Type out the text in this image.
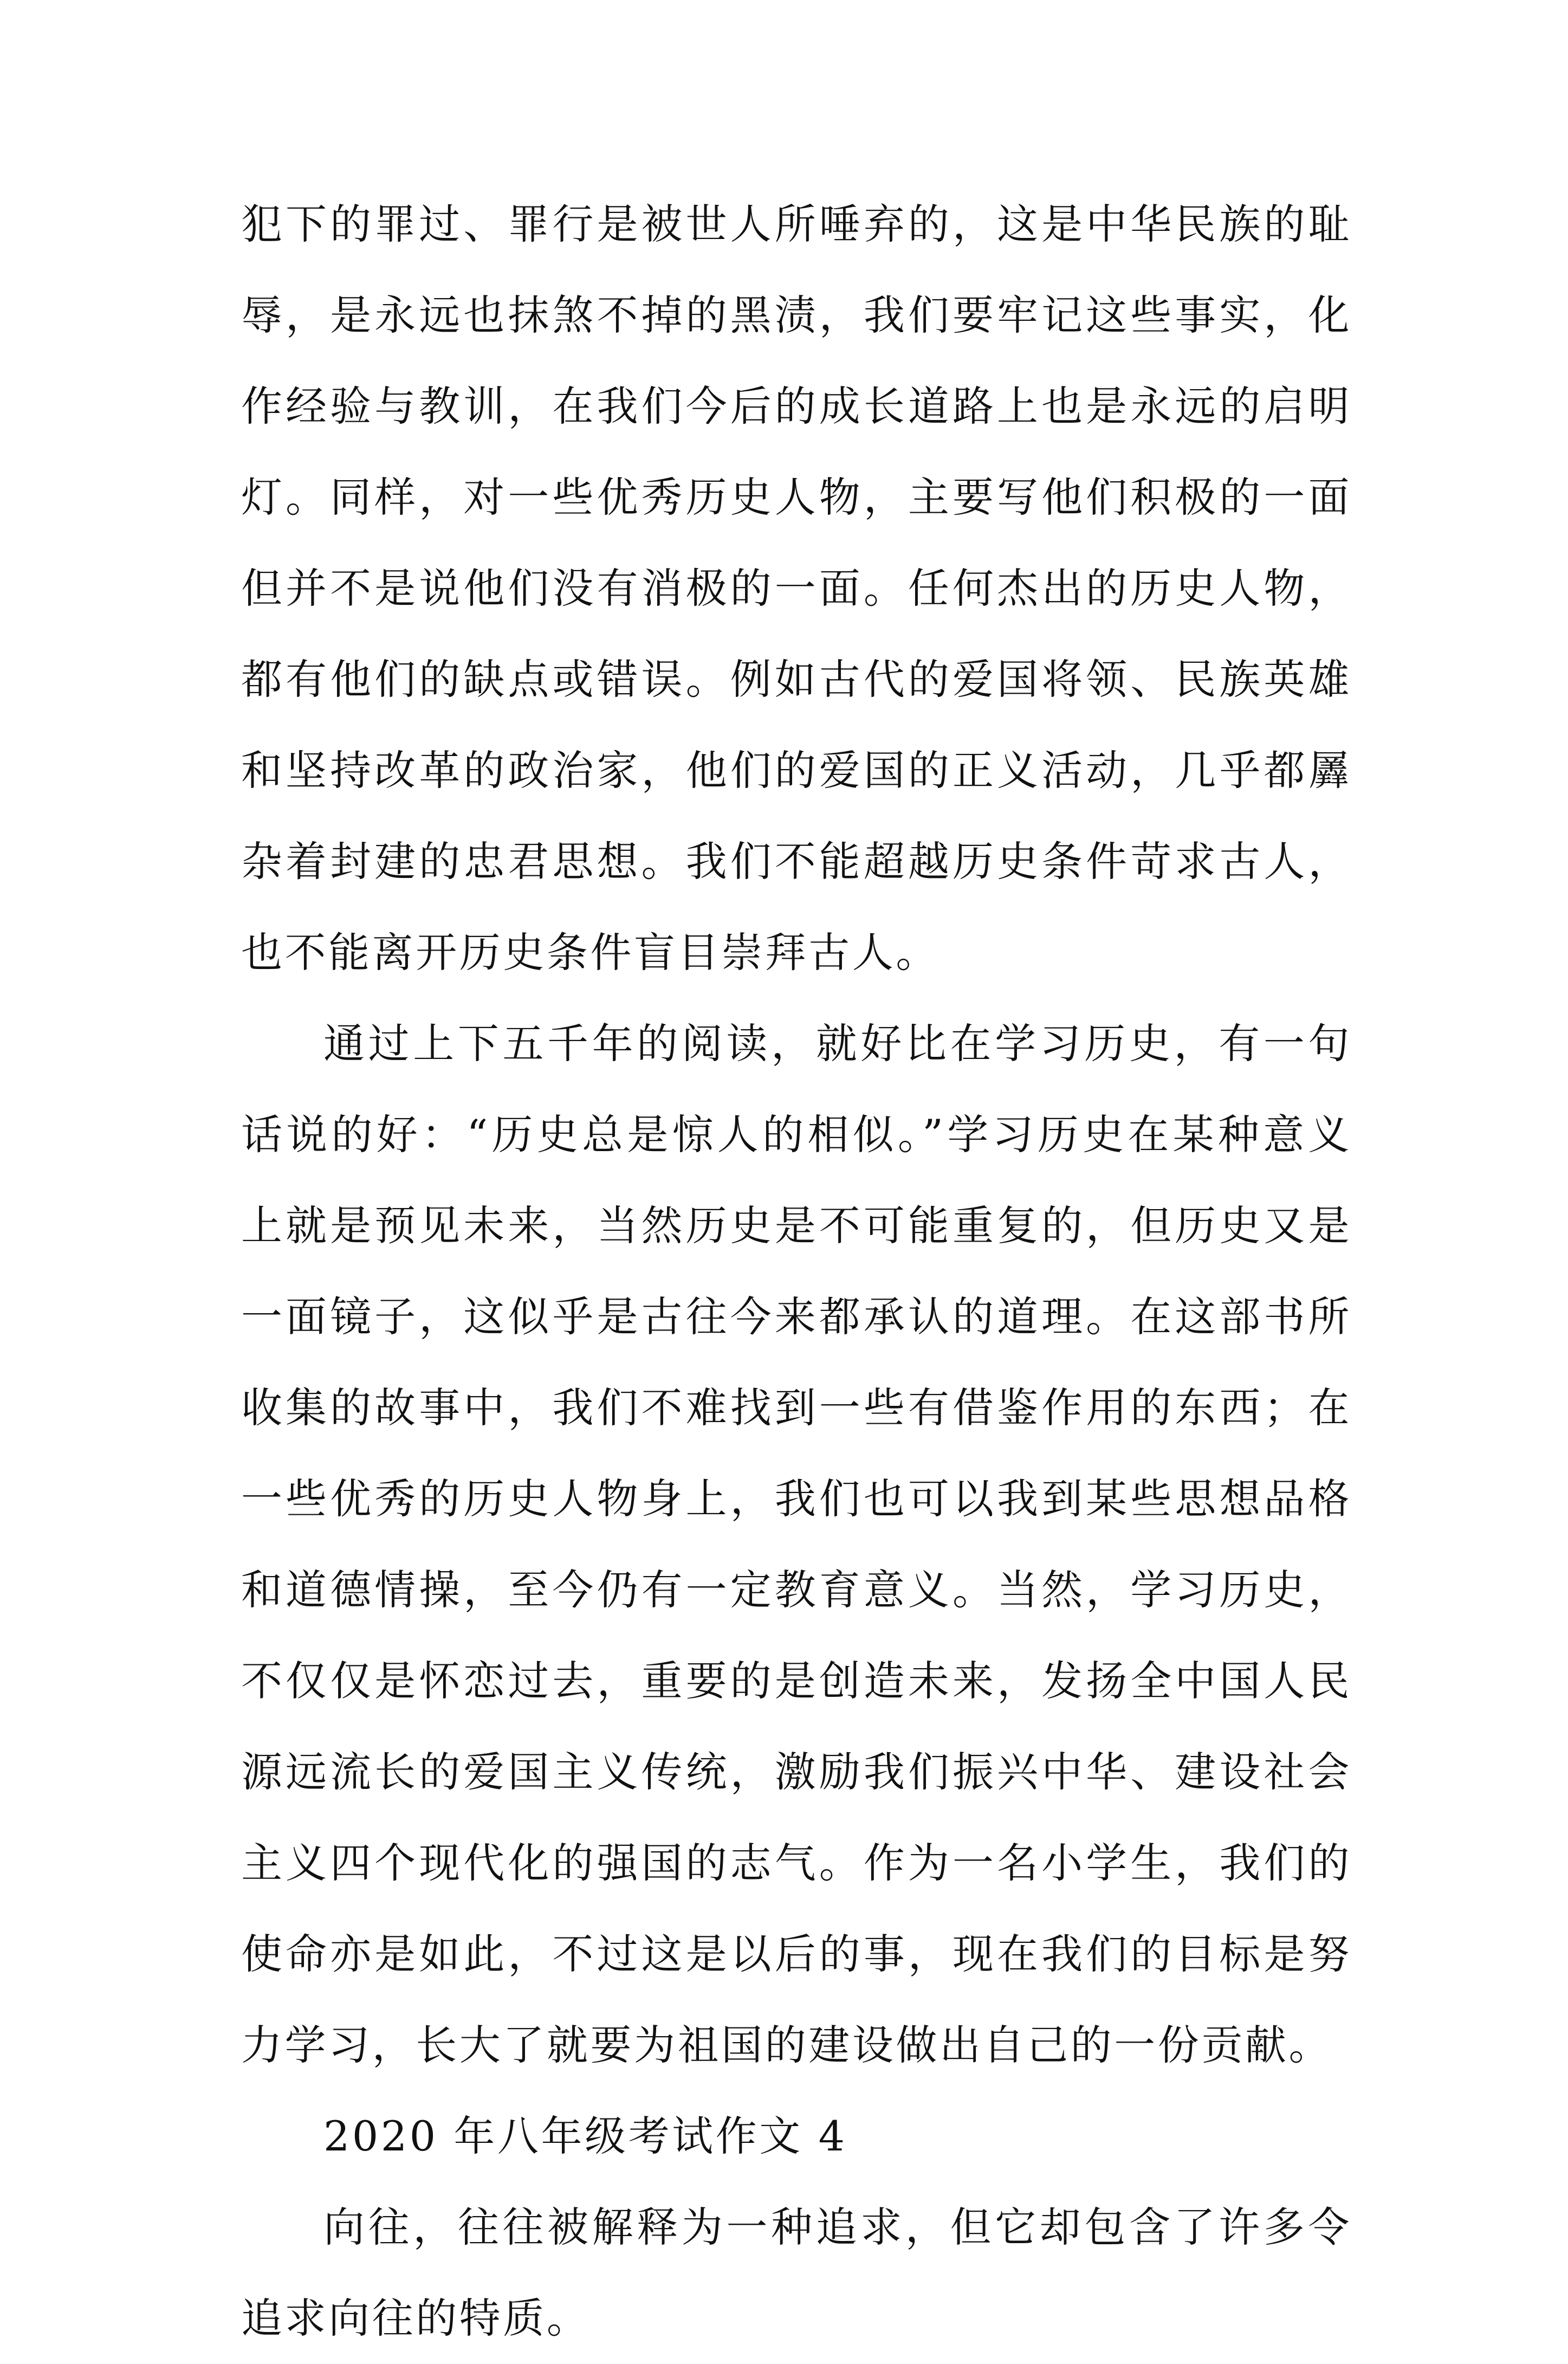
犯下的罪过、罪行是被世人所唾弃的，这是中华民族的耻辱，是永远也抹煞不掉的黑渍，我们要牢记这些事实，化作经验与教训，在我们今后的成长道路上也是永远的启明灯。同样，对一些优秀历史人物，主要写他们积极的一面但并不是说他们没有消极的一面。任何杰出的历史人物，都有他们的缺点或错误。例如古代的爱国将领、民族英雄和坚持改革的政治家，他们的爱国的正义活动，几乎都羼杂着封建的忠君思想。我们不能超越历史条件苛求古人，也不能离开历史条件盲目崇拜古人。

通过上下五千年的阅读，就好比在学习历史，有一句话说的好：“历史总是惊人的相似。”学习历史在某种意义上就是预见未来，当然历史是不可能重复的，但历史又是一面镜子，这似乎是古往今来都承认的道理。在这部书所收集的故事中，我们不难找到一些有借鉴作用的东西；在一些优秀的历史人物身上，我们也可以我到某些思想品格和道德情操，至今仍有一定教育意义。当然，学习历史，不仅仅是怀恋过去，重要的是创造未来，发扬全中国人民源远流长的爱国主义传统，激励我们振兴中华、建设社会主义四个现代化的强国的志气。作为一名小学生，我们的使命亦是如此，不过这是以后的事，现在我们的目标是努力学习，长大了就要为祖国的建设做出自己的一份贡献。

2020 年八年级考试作文 4

向往，往往被解释为一种追求，但它却包含了许多令追求向往的特质。
